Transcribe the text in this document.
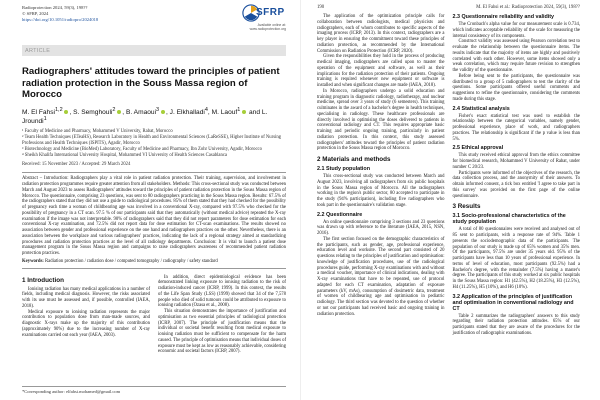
Radioprotection 2024, 59(3), 198??
© SFRP, 2024
https://doi.org/10.1051/radiopro/2024018
SFRP
Available online at: www.radioprotection.org
ARTICLE
Radiographers' attitudes toward the principles of patient radiation protection in the Souss Massa region of Morocco
M. El Fahsi$^{1,2}$ , S. Semghouli$^2$ , B. Amaoui$^3$ , J. Elkhalladi$^4$, M. Laouf$^1$  and L. Jroundi$^1$
¹ Faculty of Medicine and Pharmacy, Mohammed V University, Rabat, Morocco
² Team Health Techniques (ETeaHS), Research Laboratory in Health and Environmental Sciences (LaReSSE), Higher Institute of Nursing Professions and Health Techniques (ISPITS), Agadir, Morocco
³ Biotechnology and Medicine (BioMed) Laboratory, Faculty of Medicine and Pharmacy, Ibn Zohr University, Agadir, Morocco
⁴ Sheikh Khalifa International University Hospital, Mohammed VI University of Health Sciences Casablanca
Received: 15 November 2023 / Accepted: 29 March 2024

Abstract – Introduction: Radiographers play a vital role in patient radiation protection. Their training, supervision, and involvement in radiation protection programmes require greater attention from all stakeholders. Methods: This cross-sectional study was conducted between March and August 2023 to assess Radiographers' attitudes toward the principles of patient radiation protection in the Souss Massa region of Morocco. The questionnaire, comprising 23 questions, was sent to 80 radiographers practicing in the Souss Massa region. Results: 67.5% of the radiographers stated that they did not use a guide to radiological procedures. 85% of them stated that they had checked for the possibility of pregnancy each time a woman of childbearing age was involved in a conventional X-ray, compared with 97.5% who checked for the possibility of pregnancy in a CT scan. 97.5 % of our participants said that they automatically (without medical advice) repeated the X-ray examination if the image was not interpretable. 90% of radiographers said that they did not report parameters for dose estimation for each conventional X-ray examination, and 72.5% did not report data for dose estimation for CT-scan examinations. The results showed no association between gender and professional experience on the one hand and radiographers practices on the other. Nevertheless, there is an association between the workplace and various radiographers' practices, indicating the lack of a regional strategy aimed at standardizing procedures and radiation protection practices at the level of all radiology departments. Conclusion: It is vital to launch a patient dose management program in the Souss Massa region and campaigns to raise radiographers awareness of recommended patient radiation protection practices.

Keywords: Radiation protection / radiation dose / computed tomography / radiography / safety standard

1 Introduction

Ionising radiation has many medical applications in a number of fields, including medical diagnosis. However, the risks associated with its use must be assessed and, if possible, controlled (IAEA, 2018).

Medical exposure to ionising radiation represents the major contribution to population dose from man-made sources, and diagnostic X-rays make up the majority of this contribution (approximately 90%) due to the increasing number of X-ray examinations carried out each year (IAEA, 2003).

In addition, direct epidemiological evidence has been demonstrated linking exposure to ionising radiation to the risk of radiation-induced cancer (ICRP, 1999). In this context, the results of the Life Span Study (LSS) (1999) showed that 34 of the 7,578 people who died of solid tumours could be attributed to exposure to ionising radiation (Ozasa et al., 2008).

This situation demonstrates the importance of justification and optimisation as two essential principles of radiological protection (ICRP, 2007). The principle of justification means that the individual or societal benefit resulting from medical exposure to ionising radiation must be sufficient to compensate for the harm caused. The principle of optimisation means that individual doses of exposure must be kept as low as reasonably achievable, considering economic and societal factors (ICRP, 2007).

*Corresponding author: elfahsi.mohamed@gmail.com
190	M. El Fahsi et al.: Radioprotection 2024, 59(3), 198??

The application of the optimization principle calls for collaboration between radiologists, medical physicists and radiographers, each of whom contributes to specific aspects of the imaging process (ICRP, 2013). In this context, radiographers are a key player in ensuring the commitment toward these principles of radiation protection, as recommended by the International Commission on Radiation Protection (ICRP, 2020).

Given the responsibilities they hold in the process of producing medical imaging, radiographers are called upon to master the operation of the equipment and software, as well as their implications for the radiation protection of their patients. Ongoing training is required whenever new equipment or software is installed and when significant changes are made (IAEA, 2018).

In Morocco, radiographers undergo a solid education and training program in diagnostic radiology, radiotherapy, and nuclear medicine, spread over 3 years of study (6 semesters). This training culminates in the award of a bachelor's degree in health techniques, specialising in radiology. These healthcare professionals are directly involved in optimising the doses delivered to patients in conventional radiology and CT. This requires appropriate basic training and periodic ongoing training, particularly in patient radiation protection. In this context, this study assessed radiographers' attitudes toward the principles of patient radiation protection in the Souss Massa region of Morocco.

2 Materials and methods
2.1 Study population

This cross-sectional study was conducted between March and August 2023, involving all radiographers from six public hospitals in the Souss Massa region of Morocco. All the radiographers working in the region's public sector, 80 accepted to participate in the study (94% participation), including five radiographers who took part in the questionnaire's validation stage.

2.2 Questionnaire

An online questionnaire comprising 3 sections and 23 questions was drawn up with reference to the literature (IAEA, 2015, NSN, 2016).

The first section focused on the demographic characteristics of the participants, such as gender, age, professional experience, education level and worksite. The second part consisted of 20 questions relating to the principles of justification and optimisation: knowledge of justification procedures, use of the radiological procedures guide, performing X-ray examinations with and without a medical voucher, importance of clinical indications, dealing with X-ray examinations that have to be repeated, use of protocol adapted for each CT examination, adaptation of exposure parameters (kV, mAs), consumption of dosimetric data, treatment of women of childbearing age and optimisation in pediatric radiology. The third section was devoted to the question of whether or not our participants had received basic and ongoing training in radiation protection.

2.3 Questionnaire reliability and validity

The Cronbach's alpha value for our measurement scale is 0.734, which indicates acceptable reliability of the scale for measuring the internal consistency of its components.

Construct validity was assessed using Pearson correlation test to evaluate the relationship between the questionnaire items. The results indicate that the majority of items are highly and positively correlated with each other. However, some items showed only a weak correlation, which may require future revision to strengthen the validity of the questionnaire.

Before being sent to the participants, the questionnaire was distributed to a group of 5 radiographers to test the clarity of the questions. Some participants offered useful comments and suggestions to refine the questionnaire, considering the comments made during this stage.

2.4 Statistical analysis

Fisher's exact statistical test was used to establish the relationship between the categorical variables, namely gender, professional experience, place of work, and radiographers practices. The relationship is significant if the p value is less than 5%.

2.5 Ethical approval

This study received ethical approval from the ethics committee for biomedical research, Mohammed V University of Rabat, under number C 20/23.

Participants were informed of the objectives of the research, the data collection process, and the anonymity of their answers. To obtain informed consent, a tick box entitled 'I agree to take part in this survey' was provided on the first page of the online questionnaire.

3 Results
3.1 Socio-professional characteristics of the study population

A total of 80 questionnaires were received and analysed out of 85 sent to participants, with a response rate of 94%. Table 1 presents the sociodemographic data of the participants. The population of our study is made up of 65% women and 35% men. Of the participants, 97.5% are under 35 years old. 95% of the participants have less than 10 years of professional experience. In terms of level of education, most participants (92.5%) had a Bachelor's degree, with the remainder (7.5%) having a master's degree. The participants of this study worked at six public hospitals in the Souss Massa region: H1 (42.5%), H2 (18.25%), H3 (12.5%), H4 (11.25%), H5 (10%), and H6 (10%).

3.2 Application of the principles of justification and optimisation in conventional radiology and CT

Table 2 summarizes the radiographers' answers to this study regarding their radiation protection attitudes. 65% of our participants stated that they are aware of the procedures for the justification of radiographic examinations.
